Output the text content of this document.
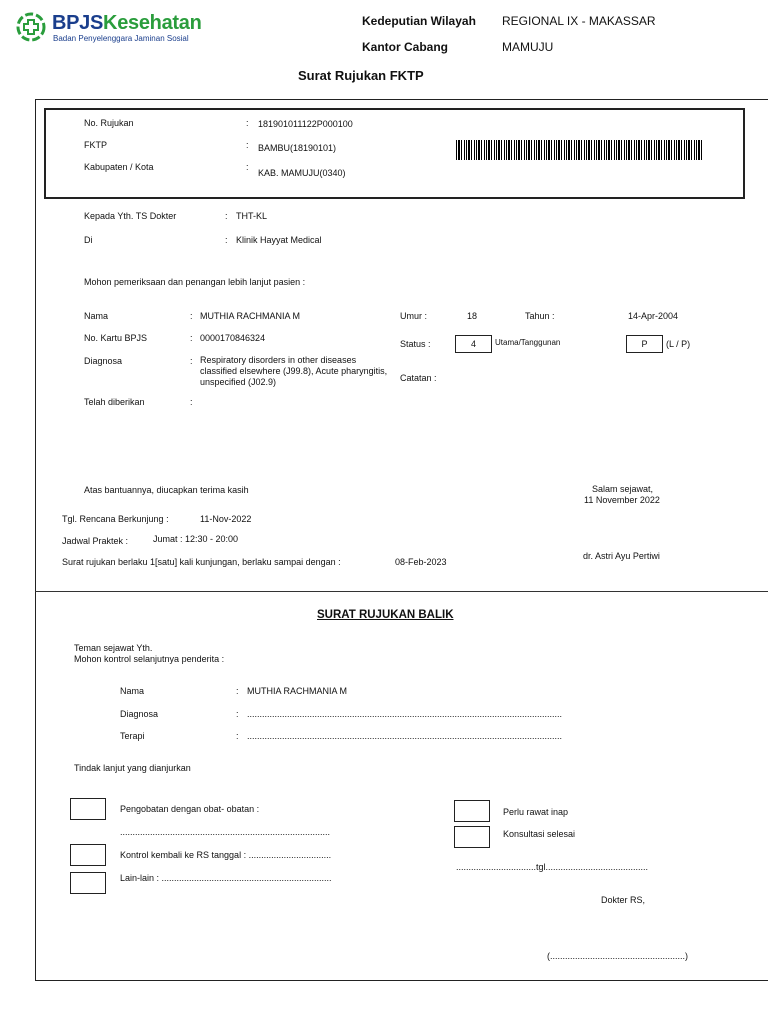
BPJSKesehatan
Badan Penyelenggara Jaminan Sosial
Kedeputian Wilayah REGIONAL IX - MAKASSAR
Kantor Cabang	MAMUJU
Surat Rujukan FKTP
No. Rujukan	: 181901011122P000100
FKTP	: BAMBU(18190101)
Kabupaten / Kota	:
KAB. MAMUJU(0340)
Kepada Yth. TS Dokter	: THT-KL
Di	: Klinik Hayyat Medical
Mohon pemeriksaan dan penangan lebih lanjut pasien :
Nama	: MUTHIA RACHMANIA M	Umur :	18	Tahun :	14-Apr-2004
No. Kartu BPJS	: 0000170846324
Status :	4	Utama/Tanggunan	P	(L / P)
Diagnosa	: Respiratory disorders in other diseases classified elsewhere (J99.8), Acute pharyngitis, unspecified (J02.9)	Catatan :
Telah diberikan	:
Atas bantuannya, diucapkan terima kasih	Salam sejawat,
11 November 2022
Tgl. Rencana Berkunjung :	11-Nov-2022
Jadwal Praktek :	Jumat : 12:30 - 20:00
Surat rujukan berlaku 1[satu] kali kunjungan, berlaku sampai dengan :	08-Feb-2023
dr. Astri Ayu Pertiwi
SURAT RUJUKAN BALIK
Teman sejawat Yth.
Mohon kontrol selanjutnya penderita :
Nama	: MUTHIA RACHMANIA M
Diagnosa	: ..............................................................................................................................
Terapi	: ..............................................................................................................................
Tindak lanjut yang dianjurkan
Pengobatan dengan obat- obatan :
....................................................................................
Kontrol kembali ke RS tanggal : .................................
Lain-lain : ....................................................................
Perlu rawat inap
Konsultasi selesai
................................tgl.........................................
Dokter RS,
(......................................................)
